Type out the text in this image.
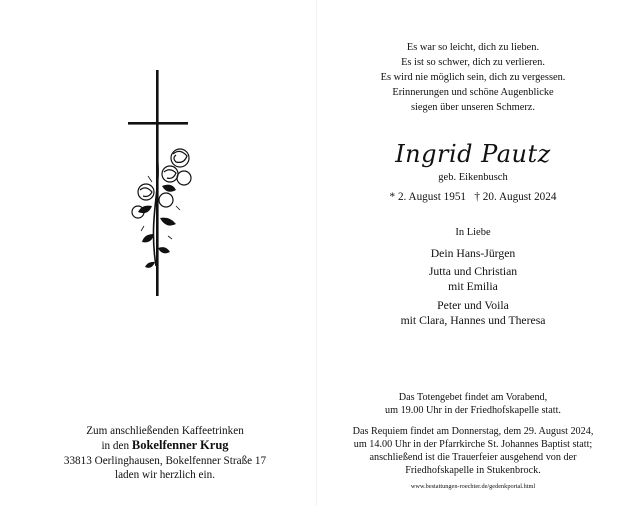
Zum anschließenden Kaffeetrinken
in den Bokelfenner Krug
33813 Oerlinghausen, Bokelfenner Straße 17
laden wir herzlich ein.
Es war so leicht, dich zu lieben.
Es ist so schwer, dich zu verlieren.
Es wird nie möglich sein, dich zu vergessen.
Erinnerungen und schöne Augenblicke
siegen über unseren Schmerz.
Ingrid Pautz
geb. Eikenbusch
* 2. August 1951   † 20. August 2024
In Liebe
Dein Hans-Jürgen
Jutta und Christian
mit Emilia
Peter und Voila
mit Clara, Hannes und Theresa
Das Totengebet findet am Vorabend,
um 19.00 Uhr in der Friedhofskapelle statt.
Das Requiem findet am Donnerstag, dem 29. August 2024,
um 14.00 Uhr in der Pfarrkirche St. Johannes Baptist statt;
anschließend ist die Trauerfeier ausgehend von der
Friedhofskapelle in Stukenbrock.
www.bestattungen-roechter.de/gedenkportal.html
